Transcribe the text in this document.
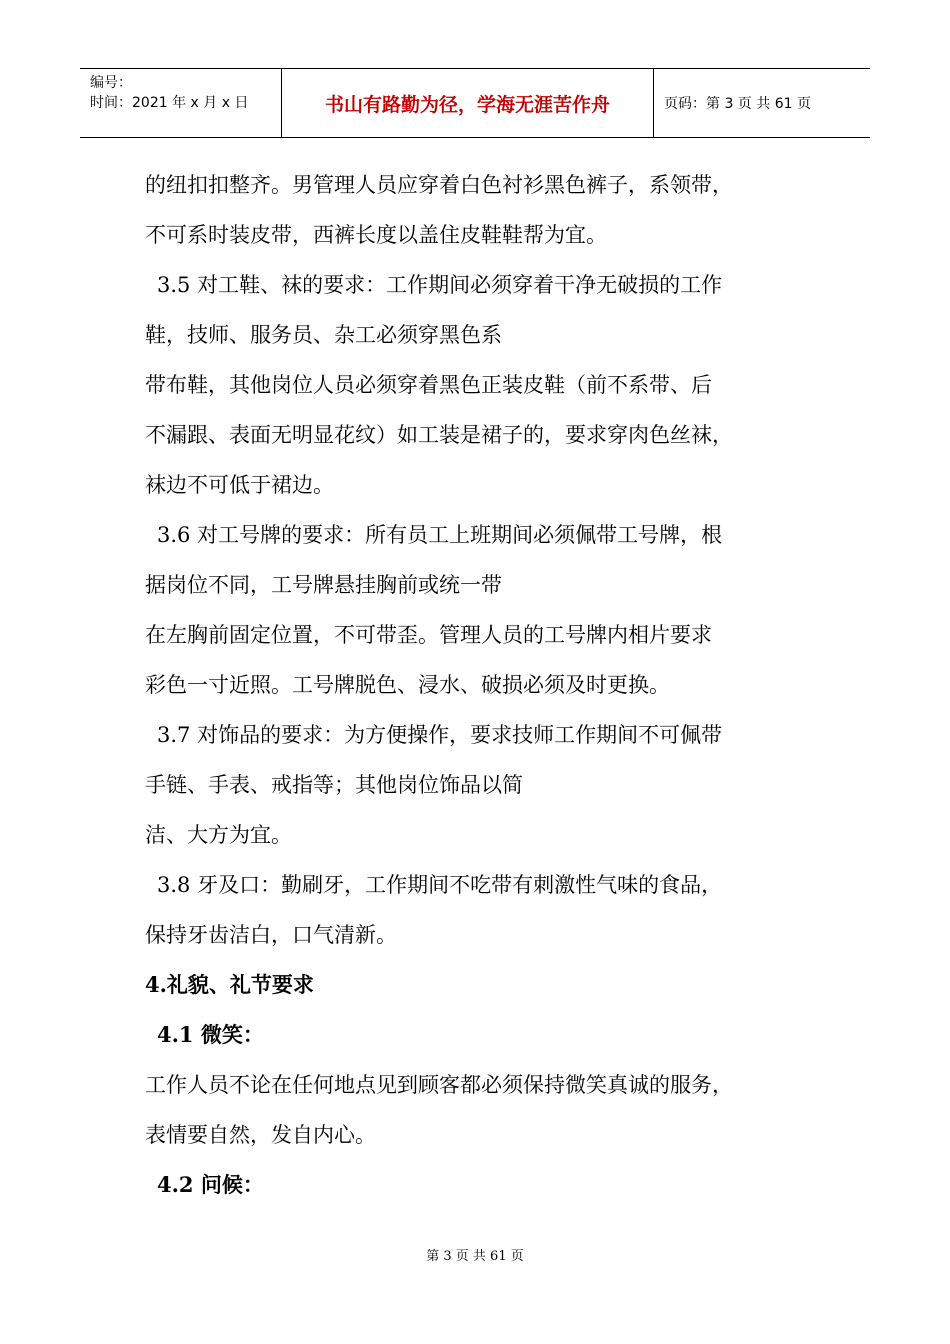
编号：
时间：2021 年 x 月 x 日	书山有路勤为径，学海无涯苦作舟	页码：第 3 页 共 61 页
的纽扣扣整齐。男管理人员应穿着白色衬衫黑色裤子，系领带，
不可系时装皮带，西裤长度以盖住皮鞋鞋帮为宜。
3.5 对工鞋、袜的要求：工作期间必须穿着干净无破损的工作
鞋，技师、服务员、杂工必须穿黑色系
带布鞋，其他岗位人员必须穿着黑色正装皮鞋（前不系带、后
不漏跟、表面无明显花纹）如工装是裙子的，要求穿肉色丝袜，
袜边不可低于裙边。
3.6 对工号牌的要求：所有员工上班期间必须佩带工号牌，根
据岗位不同，工号牌悬挂胸前或统一带
在左胸前固定位置，不可带歪。管理人员的工号牌内相片要求
彩色一寸近照。工号牌脱色、浸水、破损必须及时更换。
3.7 对饰品的要求：为方便操作，要求技师工作期间不可佩带
手链、手表、戒指等；其他岗位饰品以简
洁、大方为宜。
3.8 牙及口：勤刷牙，工作期间不吃带有刺激性气味的食品，
保持牙齿洁白，口气清新。
4.礼貌、礼节要求
4.1 微笑：
工作人员不论在任何地点见到顾客都必须保持微笑真诚的服务，
表情要自然，发自内心。
4.2 问候：
第 3 页 共 61 页
